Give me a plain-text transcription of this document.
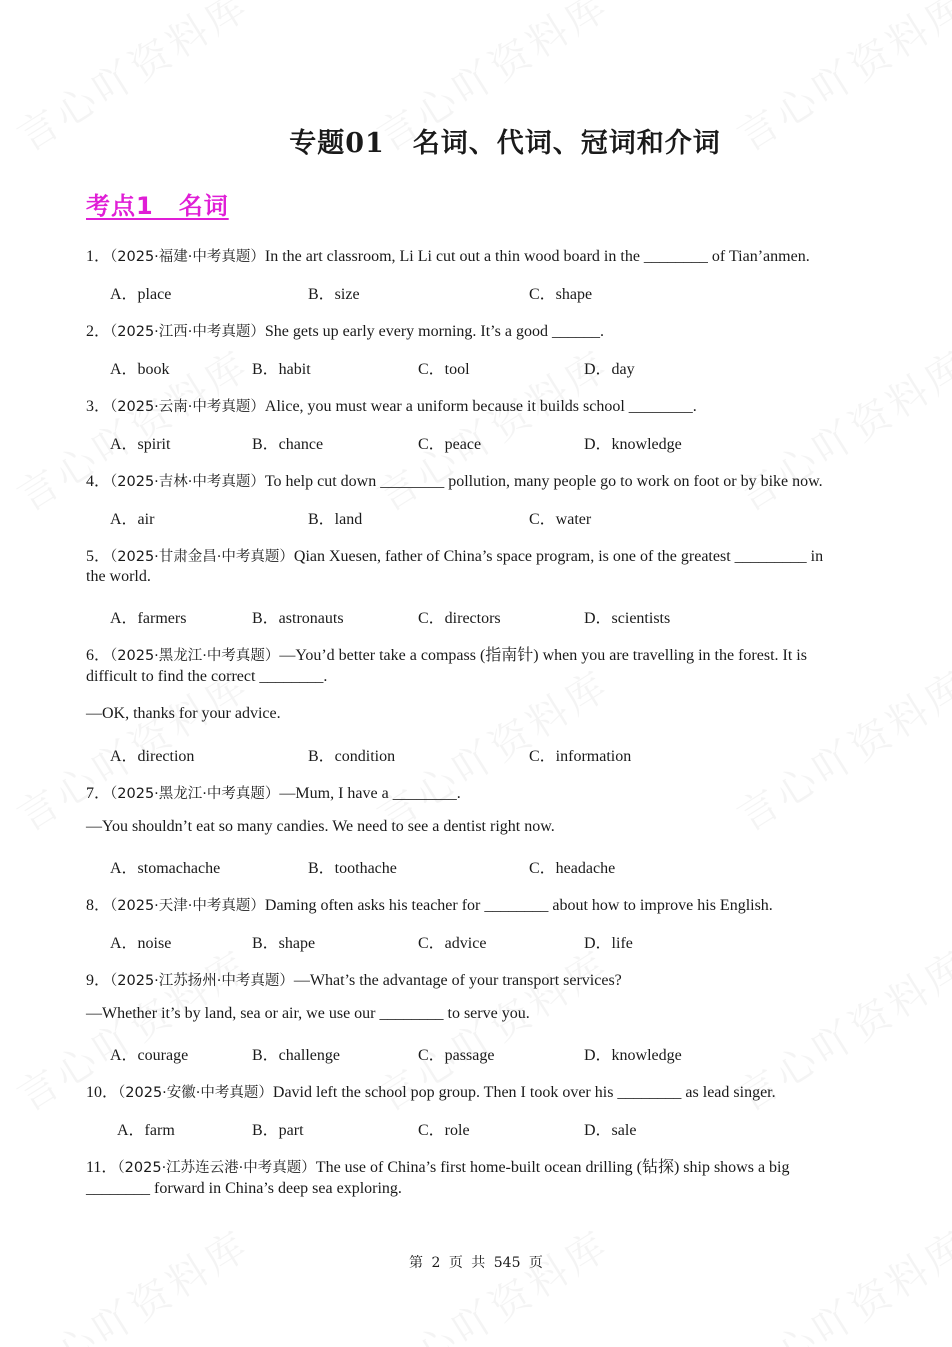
专题01　名词、代词、冠词和介词
考点1　名词
1．（2025·福建·中考真题）In the art classroom, Li Li cut out a thin wood board in the ________ of Tian’anmen.
A．place	B．size	C．shape
2．（2025·江西·中考真题）She gets up early every morning. It’s a good ______.
A．book	B．habit	C．tool	D．day
3．（2025·云南·中考真题）Alice, you must wear a uniform because it builds school ________.
A．spirit	B．chance	C．peace	D．knowledge
4．（2025·吉林·中考真题）To help cut down ________ pollution, many people go to work on foot or by bike now.
A．air	B．land	C．water
5．（2025·甘肃金昌·中考真题）Qian Xuesen, father of China’s space program, is one of the greatest _________ in
the world.
A．farmers	B．astronauts	C．directors	D．scientists
6．（2025·黑龙江·中考真题）—You’d better take a compass (指南针) when you are travelling in the forest. It is
difficult to find the correct ________.
—OK, thanks for your advice.
A．direction	B．condition	C．information
7．（2025·黑龙江·中考真题）—Mum, I have a ________.
—You shouldn’t eat so many candies. We need to see a dentist right now.
A．stomachache	B．toothache	C．headache
8．（2025·天津·中考真题）Daming often asks his teacher for ________ about how to improve his English.
A．noise	B．shape	C．advice	D．life
9．（2025·江苏扬州·中考真题）—What’s the advantage of your transport services?
—Whether it’s by land, sea or air, we use our ________ to serve you.
A．courage	B．challenge	C．passage	D．knowledge
10．（2025·安徽·中考真题）David left the school pop group. Then I took over his ________ as lead singer.
A．farm	B．part	C．role	D．sale
11．（2025·江苏连云港·中考真题）The use of China’s first home-built ocean drilling (钻探) ship shows a big
________ forward in China’s deep sea exploring.
第 2 页 共 545 页
